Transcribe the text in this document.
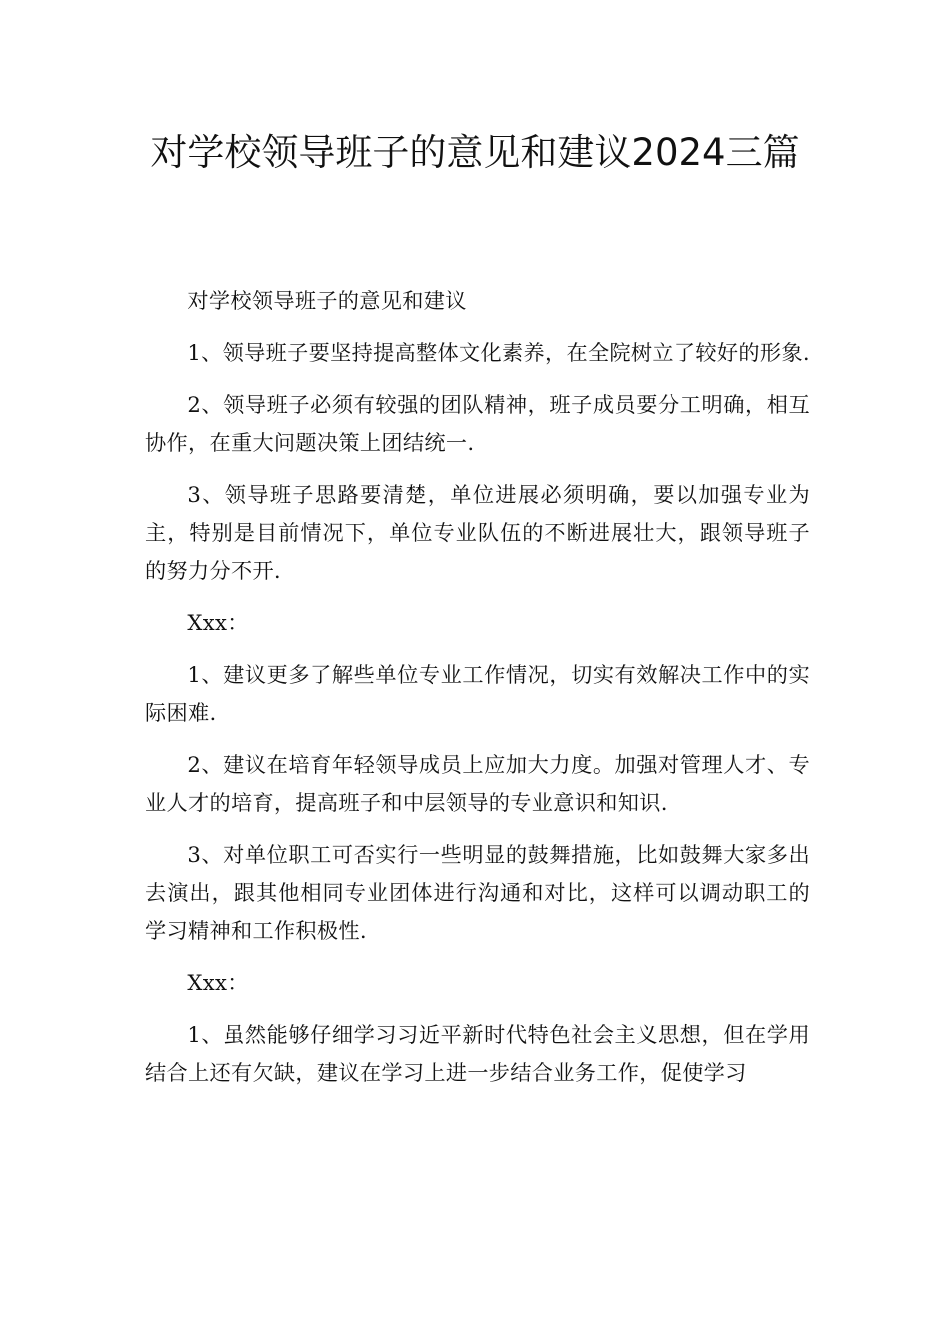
对学校领导班子的意见和建议2024三篇

对学校领导班子的意见和建议

1、领导班子要坚持提高整体文化素养，在全院树立了较好的形象.

2、领导班子必须有较强的团队精神，班子成员要分工明确，相互协作，在重大问题决策上团结统一.

3、领导班子思路要清楚，单位进展必须明确，要以加强专业为主，特别是目前情况下，单位专业队伍的不断进展壮大，跟领导班子的努力分不开.

Xxx：

1、建议更多了解些单位专业工作情况，切实有效解决工作中的实际困难.

2、建议在培育年轻领导成员上应加大力度。加强对管理人才、专业人才的培育，提高班子和中层领导的专业意识和知识.

3、对单位职工可否实行一些明显的鼓舞措施，比如鼓舞大家多出去演出，跟其他相同专业团体进行沟通和对比，这样可以调动职工的学习精神和工作积极性.

Xxx：

1、虽然能够仔细学习习近平新时代特色社会主义思想，但在学用结合上还有欠缺，建议在学习上进一步结合业务工作，促使学习
